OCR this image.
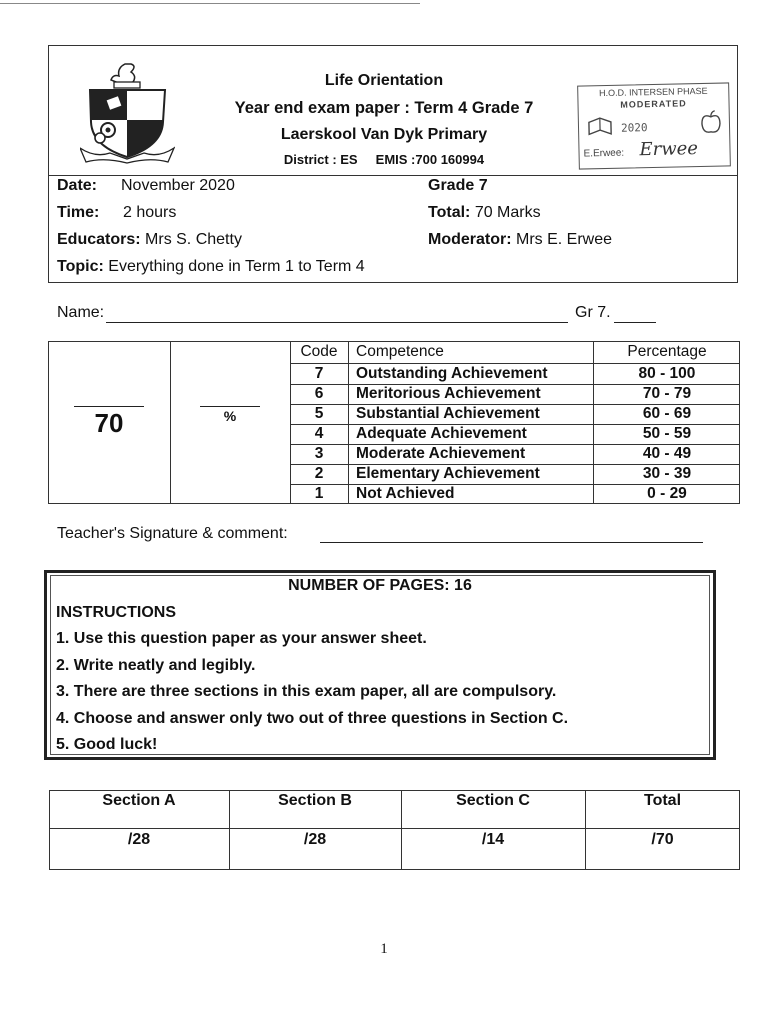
Life Orientation
Year end exam paper : Term 4 Grade 7
Laerskool Van Dyk Primary
District : ES     EMIS :700 160994
H.O.D. INTERSEN PHASE
MODERATED
2020
E.Erwee: Erwee
Date: November 2020
Time: 2 hours
Educators: Mrs S. Chetty
Topic: Everything done in Term 1 to Term 4
Grade 7
Total: 70 Marks
Moderator: Mrs E. Erwee
Name:	Gr 7.
70	%
Code	Competence	Percentage
7	Outstanding Achievement	80 - 100
6	Meritorious Achievement	70 - 79
5	Substantial Achievement	60 - 69
4	Adequate Achievement	50 - 59
3	Moderate Achievement	40 - 49
2	Elementary Achievement	30 - 39
1	Not Achieved	0 - 29
Teacher's Signature & comment:
NUMBER OF PAGES: 16
INSTRUCTIONS
1. Use this question paper as your answer sheet.
2. Write neatly and legibly.
3. There are three sections in this exam paper, all are compulsory.
4. Choose and answer only two out of three questions in Section C.
5. Good luck!
Section A	Section B	Section C	Total
/28	/28	/14	/70
1
